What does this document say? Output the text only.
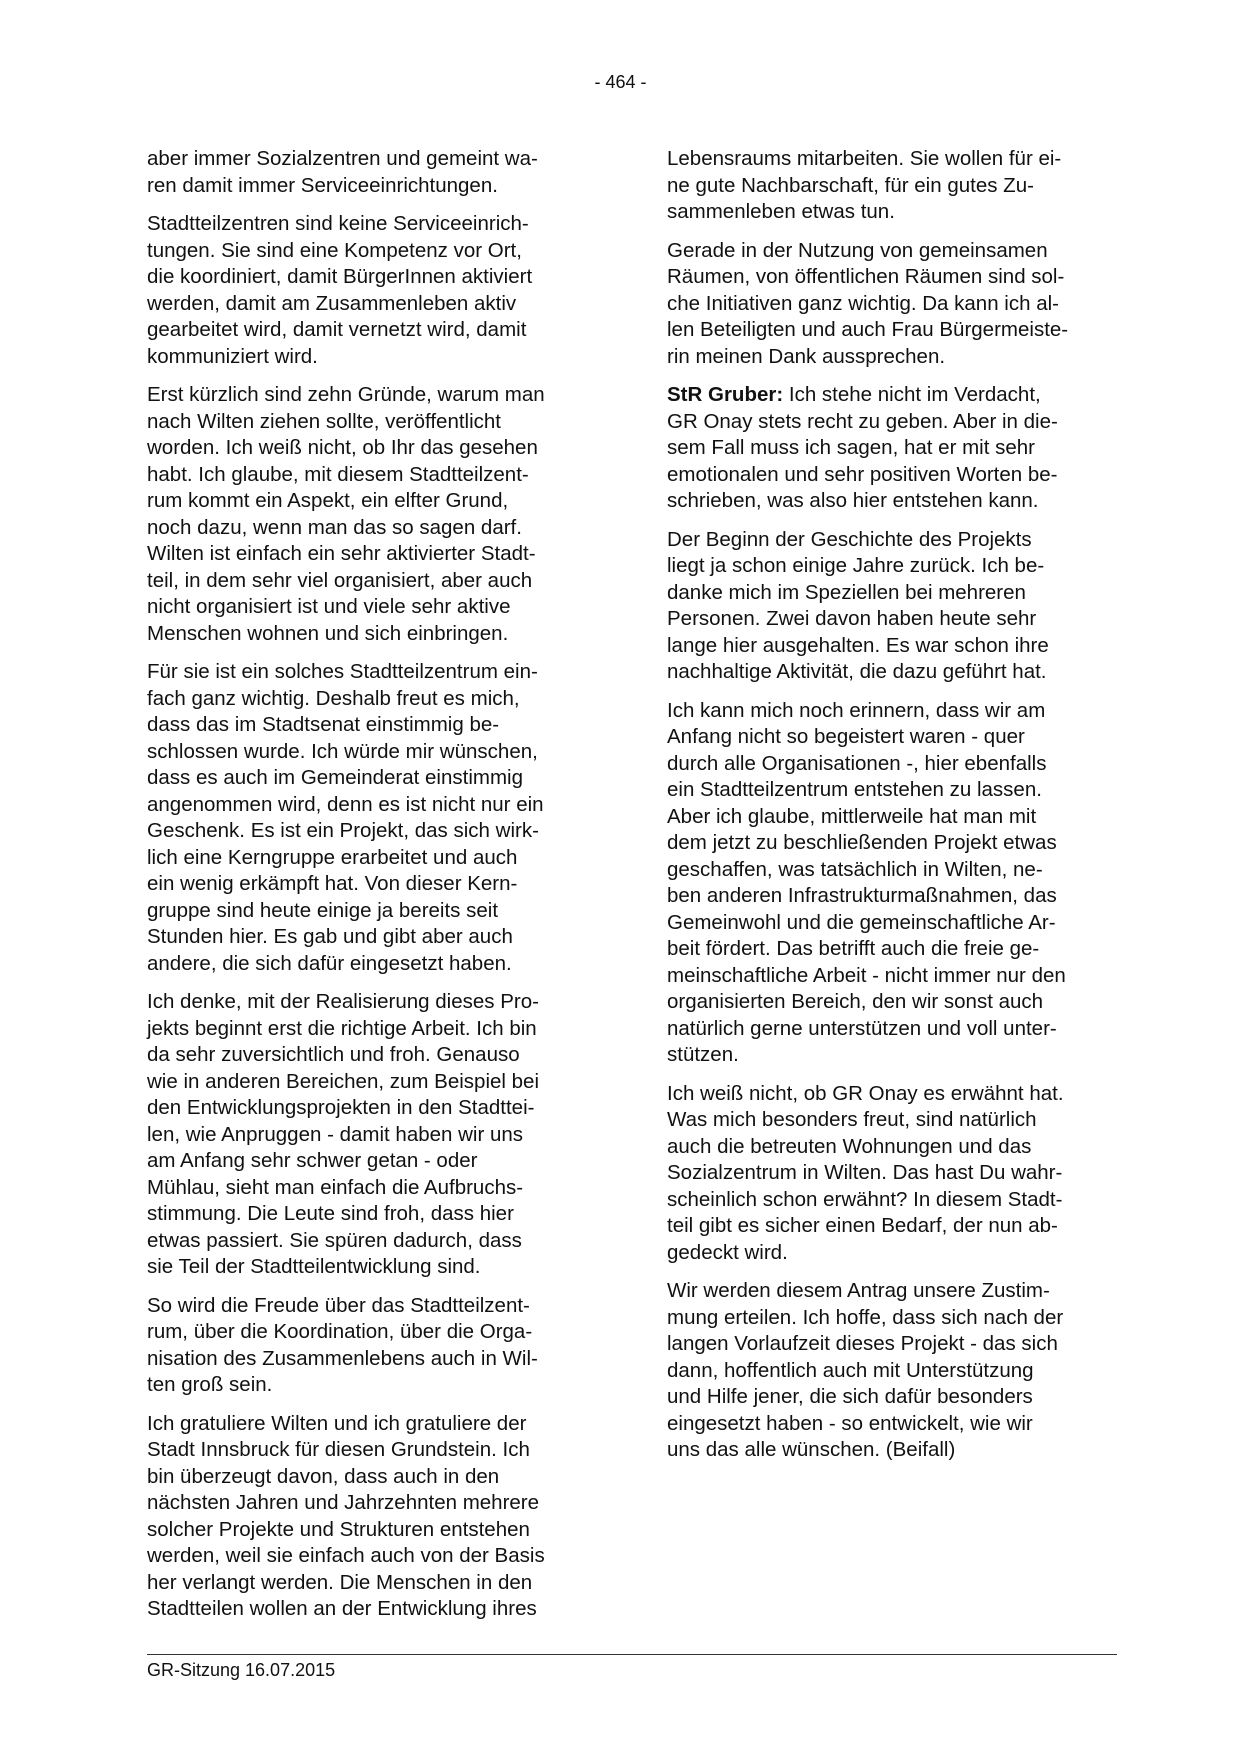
- 464 -

aber immer Sozialzentren und gemeint wa-
ren damit immer Serviceeinrichtungen.

Stadtteilzentren sind keine Serviceeinrich-
tungen. Sie sind eine Kompetenz vor Ort,
die koordiniert, damit BürgerInnen aktiviert
werden, damit am Zusammenleben aktiv
gearbeitet wird, damit vernetzt wird, damit
kommuniziert wird.

Erst kürzlich sind zehn Gründe, warum man
nach Wilten ziehen sollte, veröffentlicht
worden. Ich weiß nicht, ob Ihr das gesehen
habt. Ich glaube, mit diesem Stadtteilzent-
rum kommt ein Aspekt, ein elfter Grund,
noch dazu, wenn man das so sagen darf.
Wilten ist einfach ein sehr aktivierter Stadt-
teil, in dem sehr viel organisiert, aber auch
nicht organisiert ist und viele sehr aktive
Menschen wohnen und sich einbringen.

Für sie ist ein solches Stadtteilzentrum ein-
fach ganz wichtig. Deshalb freut es mich,
dass das im Stadtsenat einstimmig be-
schlossen wurde. Ich würde mir wünschen,
dass es auch im Gemeinderat einstimmig
angenommen wird, denn es ist nicht nur ein
Geschenk. Es ist ein Projekt, das sich wirk-
lich eine Kerngruppe erarbeitet und auch
ein wenig erkämpft hat. Von dieser Kern-
gruppe sind heute einige ja bereits seit
Stunden hier. Es gab und gibt aber auch
andere, die sich dafür eingesetzt haben.

Ich denke, mit der Realisierung dieses Pro-
jekts beginnt erst die richtige Arbeit. Ich bin
da sehr zuversichtlich und froh. Genauso
wie in anderen Bereichen, zum Beispiel bei
den Entwicklungsprojekten in den Stadttei-
len, wie Anpruggen - damit haben wir uns
am Anfang sehr schwer getan - oder
Mühlau, sieht man einfach die Aufbruchs-
stimmung. Die Leute sind froh, dass hier
etwas passiert. Sie spüren dadurch, dass
sie Teil der Stadtteilentwicklung sind.

So wird die Freude über das Stadtteilzent-
rum, über die Koordination, über die Orga-
nisation des Zusammenlebens auch in Wil-
ten groß sein.

Ich gratuliere Wilten und ich gratuliere der
Stadt Innsbruck für diesen Grundstein. Ich
bin überzeugt davon, dass auch in den
nächsten Jahren und Jahrzehnten mehrere
solcher Projekte und Strukturen entstehen
werden, weil sie einfach auch von der Basis
her verlangt werden. Die Menschen in den
Stadtteilen wollen an der Entwicklung ihres

Lebensraums mitarbeiten. Sie wollen für ei-
ne gute Nachbarschaft, für ein gutes Zu-
sammenleben etwas tun.

Gerade in der Nutzung von gemeinsamen
Räumen, von öffentlichen Räumen sind sol-
che Initiativen ganz wichtig. Da kann ich al-
len Beteiligten und auch Frau Bürgermeiste-
rin meinen Dank aussprechen.

StR Gruber: Ich stehe nicht im Verdacht,
GR Onay stets recht zu geben. Aber in die-
sem Fall muss ich sagen, hat er mit sehr
emotionalen und sehr positiven Worten be-
schrieben, was also hier entstehen kann.

Der Beginn der Geschichte des Projekts
liegt ja schon einige Jahre zurück. Ich be-
danke mich im Speziellen bei mehreren
Personen. Zwei davon haben heute sehr
lange hier ausgehalten. Es war schon ihre
nachhaltige Aktivität, die dazu geführt hat.

Ich kann mich noch erinnern, dass wir am
Anfang nicht so begeistert waren - quer
durch alle Organisationen -, hier ebenfalls
ein Stadtteilzentrum entstehen zu lassen.
Aber ich glaube, mittlerweile hat man mit
dem jetzt zu beschließenden Projekt etwas
geschaffen, was tatsächlich in Wilten, ne-
ben anderen Infrastrukturmaßnahmen, das
Gemeinwohl und die gemeinschaftliche Ar-
beit fördert. Das betrifft auch die freie ge-
meinschaftliche Arbeit - nicht immer nur den
organisierten Bereich, den wir sonst auch
natürlich gerne unterstützen und voll unter-
stützen.

Ich weiß nicht, ob GR Onay es erwähnt hat.
Was mich besonders freut, sind natürlich
auch die betreuten Wohnungen und das
Sozialzentrum in Wilten. Das hast Du wahr-
scheinlich schon erwähnt? In diesem Stadt-
teil gibt es sicher einen Bedarf, der nun ab-
gedeckt wird.

Wir werden diesem Antrag unsere Zustim-
mung erteilen. Ich hoffe, dass sich nach der
langen Vorlaufzeit dieses Projekt - das sich
dann, hoffentlich auch mit Unterstützung
und Hilfe jener, die sich dafür besonders
eingesetzt haben - so entwickelt, wie wir
uns das alle wünschen. (Beifall)

GR-Sitzung 16.07.2015
